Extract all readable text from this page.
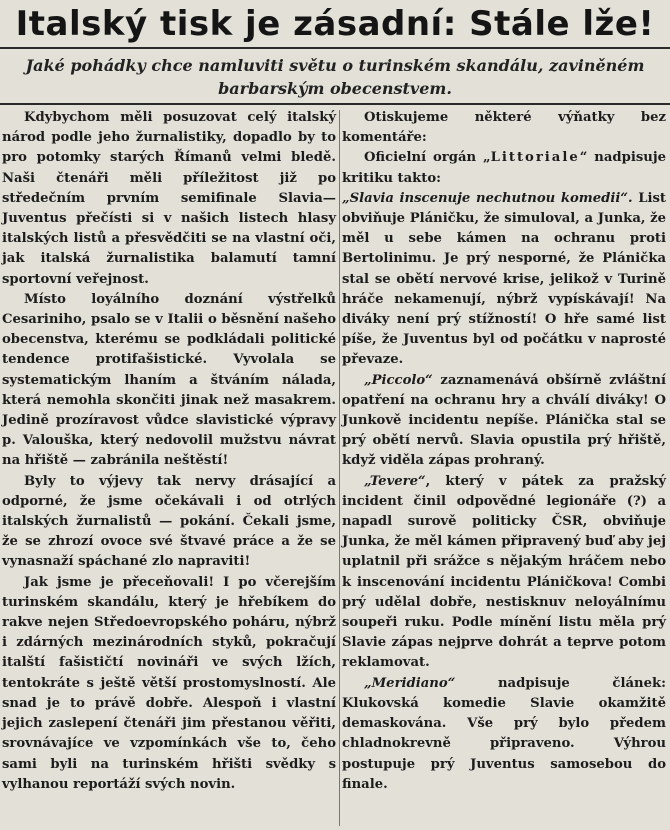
Italský tisk je zásadní: Stále lže!
Jaké pohádky chce namluviti světu o turinském skandálu, zaviněném barbarským obecenstvem.

Kdybychom měli posuzovat celý italský národ podle jeho žurnalistiky, dopadlo by to pro potomky starých Římanů velmi bledě. Naši čtenáři měli příležitost již po středečním prvním semifinale Slavia—Juventus přečísti si v našich listech hlasy italských listů a přesvědčiti se na vlastní oči, jak italská žurnalistika balamutí tamní sportovní veřejnost.

Místo loyálního doznání výstřelků Cesariniho, psalo se v Italii o běsnění našeho obecenstva, kterému se podkládali politické tendence protifašistické. Vyvolala se systematickým lhaním a štváním nálada, která nemohla skončiti jinak než masakrem. Jedině prozíravost vůdce slavistické výpravy p. Valouška, který nedovolil mužstvu návrat na hřiště — zabránila neštěstí!

Byly to výjevy tak nervy drásající a odporné, že jsme očekávali i od otrlých italských žurnalistů — pokání. Čekali jsme, že se zhrozí ovoce své štvavé práce a že se vynasnaží spáchané zlo napraviti!

Jak jsme je přeceňovali! I po včerejším turinském skandálu, který je hřebíkem do rakve nejen Středoevropského poháru, nýbrž i zdárných mezinárodních styků, pokračují italští fašističtí novináři ve svých lžích, tentokráte s ještě větší prostomyslností. Ale snad je to právě dobře. Alespoň i vlastní jejich zaslepení čtenáři jim přestanou věřiti, srovnávajíce ve vzpomínkách vše to, čeho sami byli na turinském hřišti svědky s vylhanou reportáží svých novin.

Otiskujeme některé výňatky bez komentáře:

Oficielní orgán „Littoriale“ nadpisuje kritiku takto:

„Slavia inscenuje nechutnou komedii“. List obviňuje Pláničku, že simuloval, a Junka, že měl u sebe kámen na ochranu proti Bertolinimu. Je prý nesporné, že Plánička stal se obětí nervové krise, jelikož v Turině hráče nekamenují, nýbrž vypískávají! Na diváky není prý stížností! O hře samé list píše, že Juventus byl od počátku v naprosté převaze.

„Piccolo“ zaznamenává obšírně zvláštní opatření na ochranu hry a chválí diváky! O Junkově incidentu nepíše. Plánička stal se prý obětí nervů. Slavia opustila prý hřiště, když viděla zápas prohraný.

„Tevere“, který v pátek za pražský incident činil odpovědné legionáře (?) a napadl surově politicky ČSR, obviňuje Junka, že měl kámen připravený buď aby jej uplatnil při srážce s nějakým hráčem nebo k inscenování incidentu Pláničkova! Combi prý udělal dobře, nestisknuv neloyálnímu soupeři ruku. Podle mínění listu měla prý Slavie zápas nejprve dohrát a teprve potom reklamovat.

„Meridiano“ nadpisuje článek: Klukovská komedie Slavie okamžitě demaskována. Vše prý bylo předem chladnokrevně připraveno. Výhrou postupuje prý Juventus samosebou do finale.
